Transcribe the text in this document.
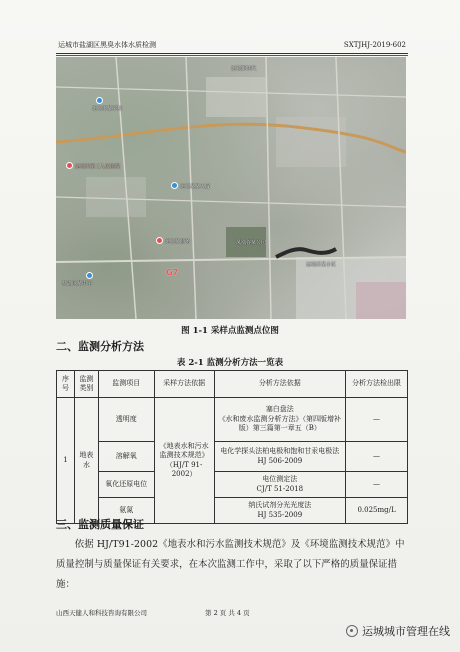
运城市盐湖区黑臭水体水质检测	SXTJHJ-2019-602
运城市某学校
运城市第三人民医院
盐湖区某中学
运城新时代
运城某某大厦
运城某商场	凤凰谷某公园
运城市某小区
G7
图 1-1 采样点监测点位图
二、监测分析方法
表 2-1 监测分析方法一览表
序号	监测类别	监测项目	采样方法依据	分析方法依据	分析方法检出限
1	地表水	透明度	《地表水和污水监测技术规范》（HJ/T 91-2002）	塞白盘法
《水和废水监测分析方法》（第四版增补版）第三篇第一章五（B）	—
		溶解氧		电化学探头法柏电极和饱和甘汞电极法 HJ 506-2009	—
		氧化还原电位		电位测定法
CJ/T 51-2018	—
		氨氮		纳氏试剂分光光度法
HJ 535-2009	0.025mg/L
三、监测质量保证
依据 HJ/T91-2002《地表水和污水监测技术规范》及《环境监测技术规范》中质量控制与质量保证有关要求，在本次监测工作中，采取了以下严格的质量保证措施：
山西天健人和科技咨询有限公司	第 2 页 共 4 页
运城城市管理在线
